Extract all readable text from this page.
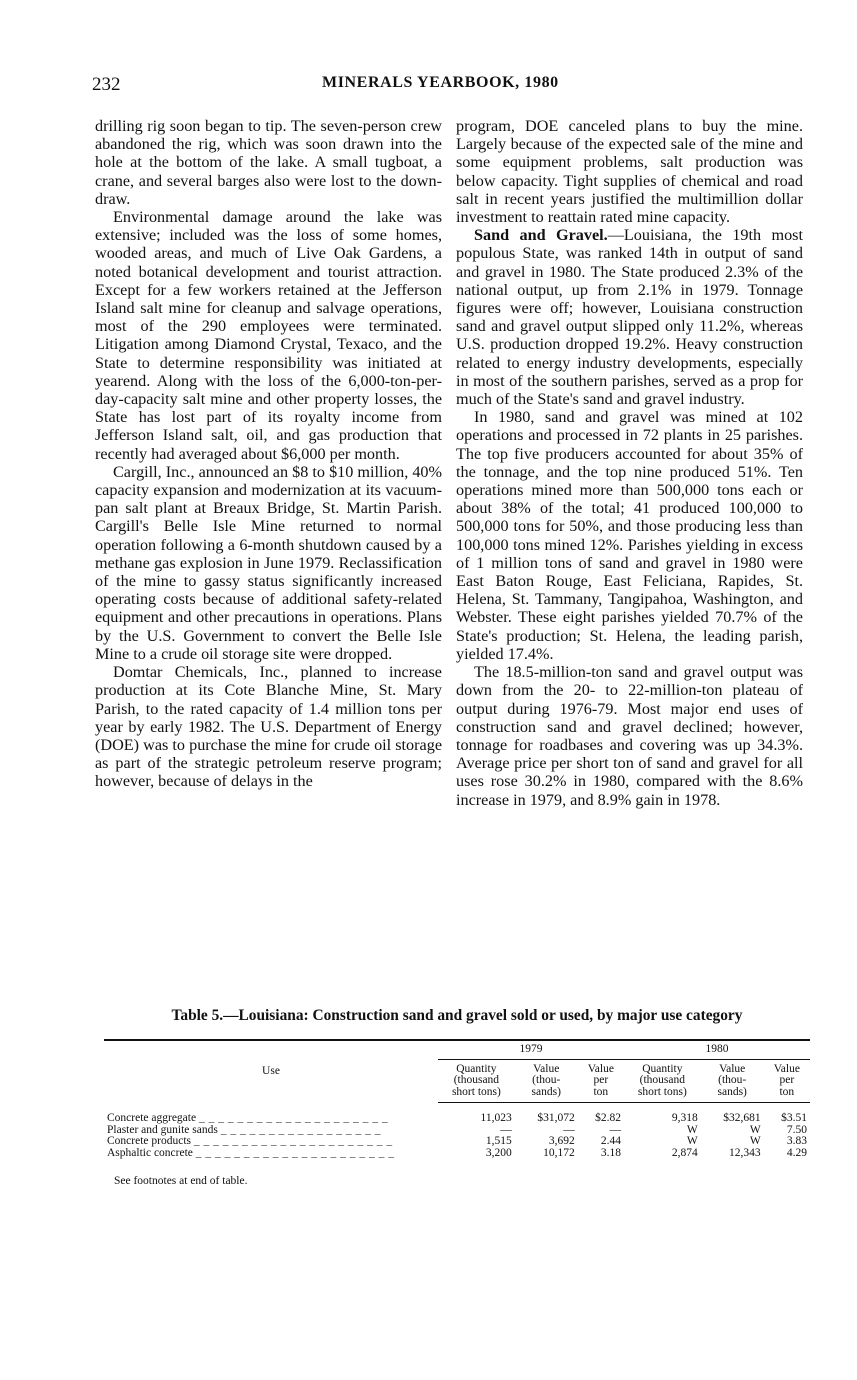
232	MINERALS YEARBOOK, 1980

drilling rig soon began to tip. The seven-person crew abandoned the rig, which was soon drawn into the hole at the bottom of the lake. A small tugboat, a crane, and several barges also were lost to the down-draw.

Environmental damage around the lake was extensive; included was the loss of some homes, wooded areas, and much of Live Oak Gardens, a noted botanical development and tourist attraction. Except for a few workers retained at the Jefferson Island salt mine for cleanup and salvage operations, most of the 290 employees were terminated. Litigation among Diamond Crystal, Texaco, and the State to determine responsibility was initiated at yearend. Along with the loss of the 6,000-ton-per-day-capacity salt mine and other property losses, the State has lost part of its royalty income from Jefferson Island salt, oil, and gas production that recently had averaged about $6,000 per month.

Cargill, Inc., announced an $8 to $10 million, 40% capacity expansion and modernization at its vacuum-pan salt plant at Breaux Bridge, St. Martin Parish. Cargill's Belle Isle Mine returned to normal operation following a 6-month shutdown caused by a methane gas explosion in June 1979. Reclassification of the mine to gassy status significantly increased operating costs because of additional safety-related equipment and other precautions in operations. Plans by the U.S. Government to convert the Belle Isle Mine to a crude oil storage site were dropped.

Domtar Chemicals, Inc., planned to increase production at its Cote Blanche Mine, St. Mary Parish, to the rated capacity of 1.4 million tons per year by early 1982. The U.S. Department of Energy (DOE) was to purchase the mine for crude oil storage as part of the strategic petroleum reserve program; however, because of delays in the

program, DOE canceled plans to buy the mine. Largely because of the expected sale of the mine and some equipment problems, salt production was below capacity. Tight supplies of chemical and road salt in recent years justified the multimillion dollar investment to reattain rated mine capacity.

Sand and Gravel.—Louisiana, the 19th most populous State, was ranked 14th in output of sand and gravel in 1980. The State produced 2.3% of the national output, up from 2.1% in 1979. Tonnage figures were off; however, Louisiana construction sand and gravel output slipped only 11.2%, whereas U.S. production dropped 19.2%. Heavy construction related to energy industry developments, especially in most of the southern parishes, served as a prop for much of the State's sand and gravel industry.

In 1980, sand and gravel was mined at 102 operations and processed in 72 plants in 25 parishes. The top five producers accounted for about 35% of the tonnage, and the top nine produced 51%. Ten operations mined more than 500,000 tons each or about 38% of the total; 41 produced 100,000 to 500,000 tons for 50%, and those producing less than 100,000 tons mined 12%. Parishes yielding in excess of 1 million tons of sand and gravel in 1980 were East Baton Rouge, East Feliciana, Rapides, St. Helena, St. Tammany, Tangipahoa, Washington, and Webster. These eight parishes yielded 70.7% of the State's production; St. Helena, the leading parish, yielded 17.4%.

The 18.5-million-ton sand and gravel output was down from the 20- to 22-million-ton plateau of output during 1976-79. Most major end uses of construction sand and gravel declined; however, tonnage for roadbases and covering was up 34.3%. Average price per short ton of sand and gravel for all uses rose 30.2% in 1980, compared with the 8.6% increase in 1979, and 8.9% gain in 1978.

Table 5.—Louisiana: Construction sand and gravel sold or used, by major use category
Use	1979			1980		
	Quantity
(thousand
short tons)	Value
(thou-
sands)	Value
per
ton	Quantity
(thousand
short tons)	Value
(thou-
sands)	Value
per
ton
Concrete aggregate _ _ _ _ _ _ _ _ _ _ _ _ _ _ _ _ _ _ _ _	11,023	$31,072	$2.82	9,318	$32,681	$3.51
Plaster and gunite sands _ _ _ _ _ _ _ _ _ _ _ _ _ _ _ _ _	—	—	—	W	W	7.50
Concrete products _ _ _ _ _ _ _ _ _ _ _ _ _ _ _ _ _ _ _ _ _	1,515	3,692	2.44	W	W	3.83
Asphaltic concrete _ _ _ _ _ _ _ _ _ _ _ _ _ _ _ _ _ _ _ _ _	3,200	10,172	3.18	2,874	12,343	4.29
See footnotes at end of table.
